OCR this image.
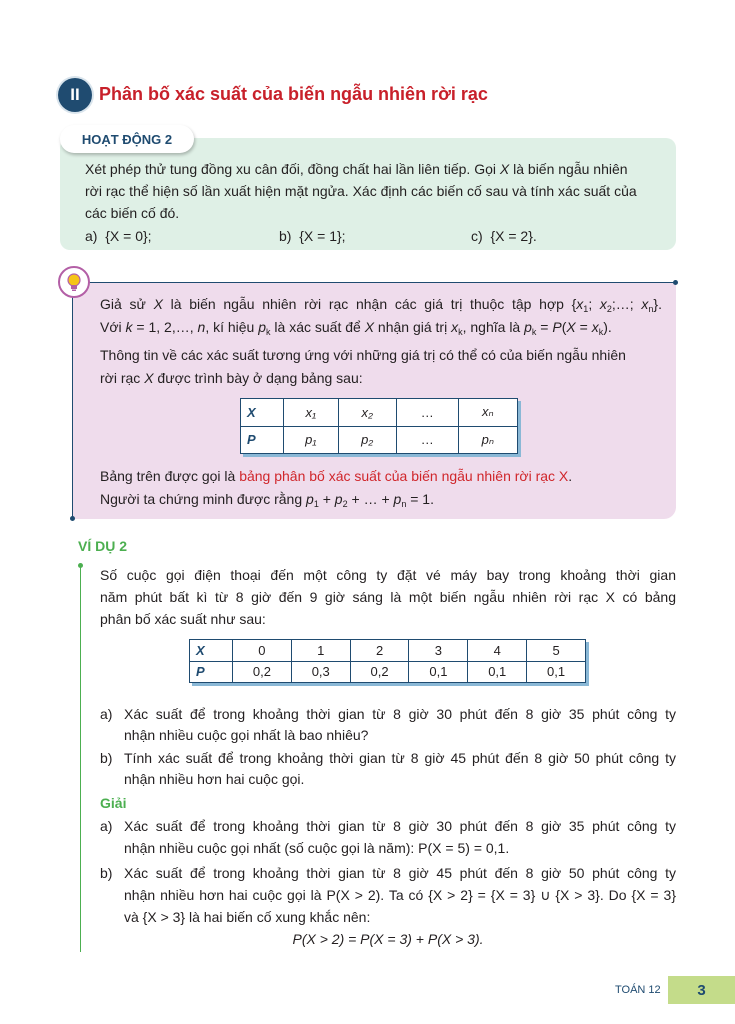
II	Phân bố xác suất của biến ngẫu nhiên rời rạc
HOẠT ĐỘNG 2
Xét phép thử tung đồng xu cân đối, đồng chất hai lần liên tiếp. Gọi X là biến ngẫu nhiên
rời rạc thể hiện số lần xuất hiện mặt ngửa. Xác định các biến cố sau và tính xác suất của
các biến cố đó.
a) {X = 0};	b) {X = 1};	c) {X = 2}.
Giả sử X là biến ngẫu nhiên rời rạc nhận các giá trị thuộc tập hợp {$x_1$; $x_2;\dots$; $x_n$}.
Với k = 1, 2,…, n, kí hiệu $p_k$ là xác suất để X nhận giá trị $x_k$, nghĩa là $p_k = P(X = x_k)$.
Thông tin về các xác suất tương ứng với những giá trị có thể có của biến ngẫu nhiên
rời rạc X được trình bày ở dạng bảng sau:
X	x₁	x₂	…	xₙ
P	p₁	p₂	…	pₙ
Bảng trên được gọi là bảng phân bố xác suất của biến ngẫu nhiên rời rạc X.
Người ta chứng minh được rằng $p_1 + p_2$ + … + $p_n = 1$.
VÍ DỤ 2
Số cuộc gọi điện thoại đến một công ty đặt vé máy bay trong khoảng thời gian
năm phút bất kì từ 8 giờ đến 9 giờ sáng là một biến ngẫu nhiên rời rạc X có bảng
phân bố xác suất như sau:
X	0	1	2	3	4	5
P	0,2	0,3	0,2	0,1	0,1	0,1
a) Xác suất để trong khoảng thời gian từ 8 giờ 30 phút đến 8 giờ 35 phút công ty
nhận nhiều cuộc gọi nhất là bao nhiêu?
b) Tính xác suất để trong khoảng thời gian từ 8 giờ 45 phút đến 8 giờ 50 phút công ty
nhận nhiều hơn hai cuộc gọi.
Giải
a) Xác suất để trong khoảng thời gian từ 8 giờ 30 phút đến 8 giờ 35 phút công ty
nhận nhiều cuộc gọi nhất (số cuộc gọi là năm): P(X = 5) = 0,1.
b) Xác suất để trong khoảng thời gian từ 8 giờ 45 phút đến 8 giờ 50 phút công ty
nhận nhiều hơn hai cuộc gọi là P(X > 2). Ta có {X > 2} = {X = 3} ∪ {X > 3}. Do {X = 3}
và {X > 3} là hai biến cố xung khắc nên:
P(X > 2) = P(X = 3) + P(X > 3).
TOÁN 12	3
